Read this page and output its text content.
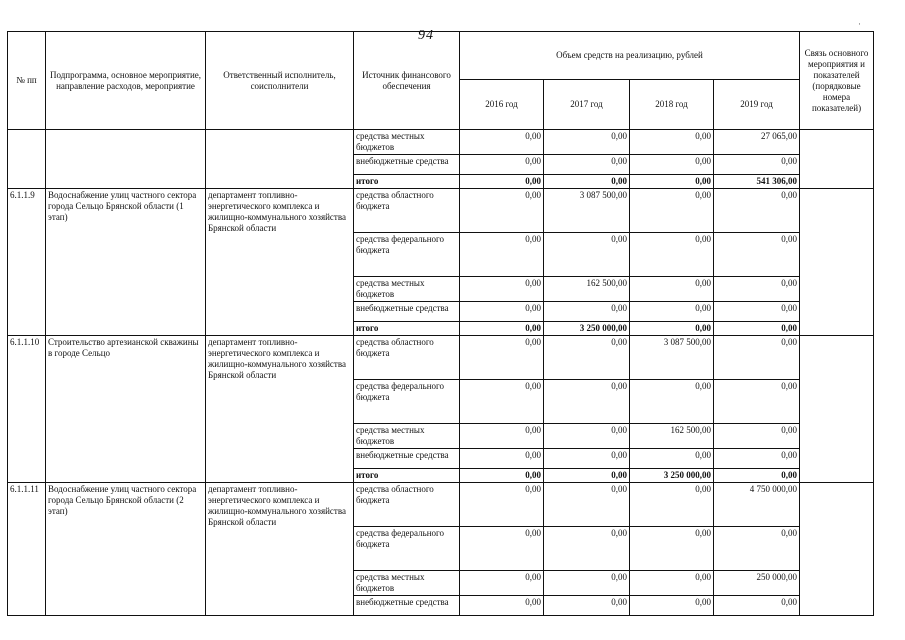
94
·
№ пп	Подпрограмма, основное мероприятие, направление расходов, мероприятие	Ответственный исполнитель, соисполнители	Источник финансового обеспечения	Объем средств на реализацию, рублей				Связь основного мероприятия и показателей (порядковые номера показателей)
				2016 год	2017 год	2018 год	2019 год	
			средства местных бюджетов	0,00	0,00	0,00	27 065,00	
			внебюджетные средства	0,00	0,00	0,00	0,00	
			итого	0,00	0,00	0,00	541 306,00	
6.1.1.9	Водоснабжение улиц частного сектора города Сельцо Брянской области (1 этап)	департамент топливно-энергетического комплекса и жилищно-коммунального хозяйства Брянской области	средства областного бюджета	0,00	3 087 500,00	0,00	0,00	
			средства федерального бюджета	0,00	0,00	0,00	0,00	
			средства местных бюджетов	0,00	162 500,00	0,00	0,00	
			внебюджетные средства	0,00	0,00	0,00	0,00	
			итого	0,00	3 250 000,00	0,00	0,00	
6.1.1.10	Строительство артезианской скважины в городе Сельцо	департамент топливно-энергетического комплекса и жилищно-коммунального хозяйства Брянской области	средства областного бюджета	0,00	0,00	3 087 500,00	0,00	
			средства федерального бюджета	0,00	0,00	0,00	0,00	
			средства местных бюджетов	0,00	0,00	162 500,00	0,00	
			внебюджетные средства	0,00	0,00	0,00	0,00	
			итого	0,00	0,00	3 250 000,00	0,00	
6.1.1.11	Водоснабжение улиц частного сектора города Сельцо Брянской области (2 этап)	департамент топливно-энергетического комплекса и жилищно-коммунального хозяйства Брянской области	средства областного бюджета	0,00	0,00	0,00	4 750 000,00	
			средства федерального бюджета	0,00	0,00	0,00	0,00	
			средства местных бюджетов	0,00	0,00	0,00	250 000,00	
			внебюджетные средства	0,00	0,00	0,00	0,00	
